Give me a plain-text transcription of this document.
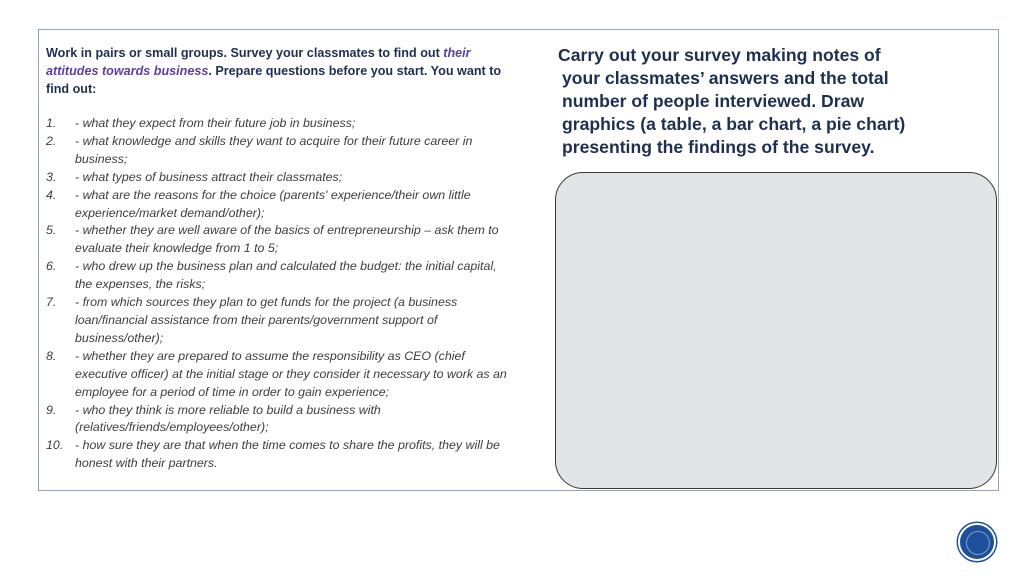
Work in pairs or small groups. Survey your classmates to find out their attitudes towards business. Prepare questions before you start. You want to find out:
1. - what they expect from their future job in business;
2. - what knowledge and skills they want to acquire for their future career in business;
3. - what types of business attract their classmates;
4. - what are the reasons for the choice (parents' experience/their own little experience/market demand/other);
5. - whether they are well aware of the basics of entrepreneurship – ask them to evaluate their knowledge from 1 to 5;
6. - who drew up the business plan and calculated the budget: the initial capital, the expenses, the risks;
7. - from which sources they plan to get funds for the project (a business loan/financial assistance from their parents/government support of business/other);
8. - whether they are prepared to assume the responsibility as CEO (chief executive officer) at the initial stage or they consider it necessary to work as an employee for a period of time in order to gain experience;
9. - who they think is more reliable to build a business with (relatives/friends/employees/other);
10. - how sure they are that when the time comes to share the profits, they will be honest with their partners.
Carry out your survey making notes of
your classmates’ answers and the total
number of people interviewed. Draw
graphics (a table, a bar chart, a pie chart)
presenting the findings of the survey.
